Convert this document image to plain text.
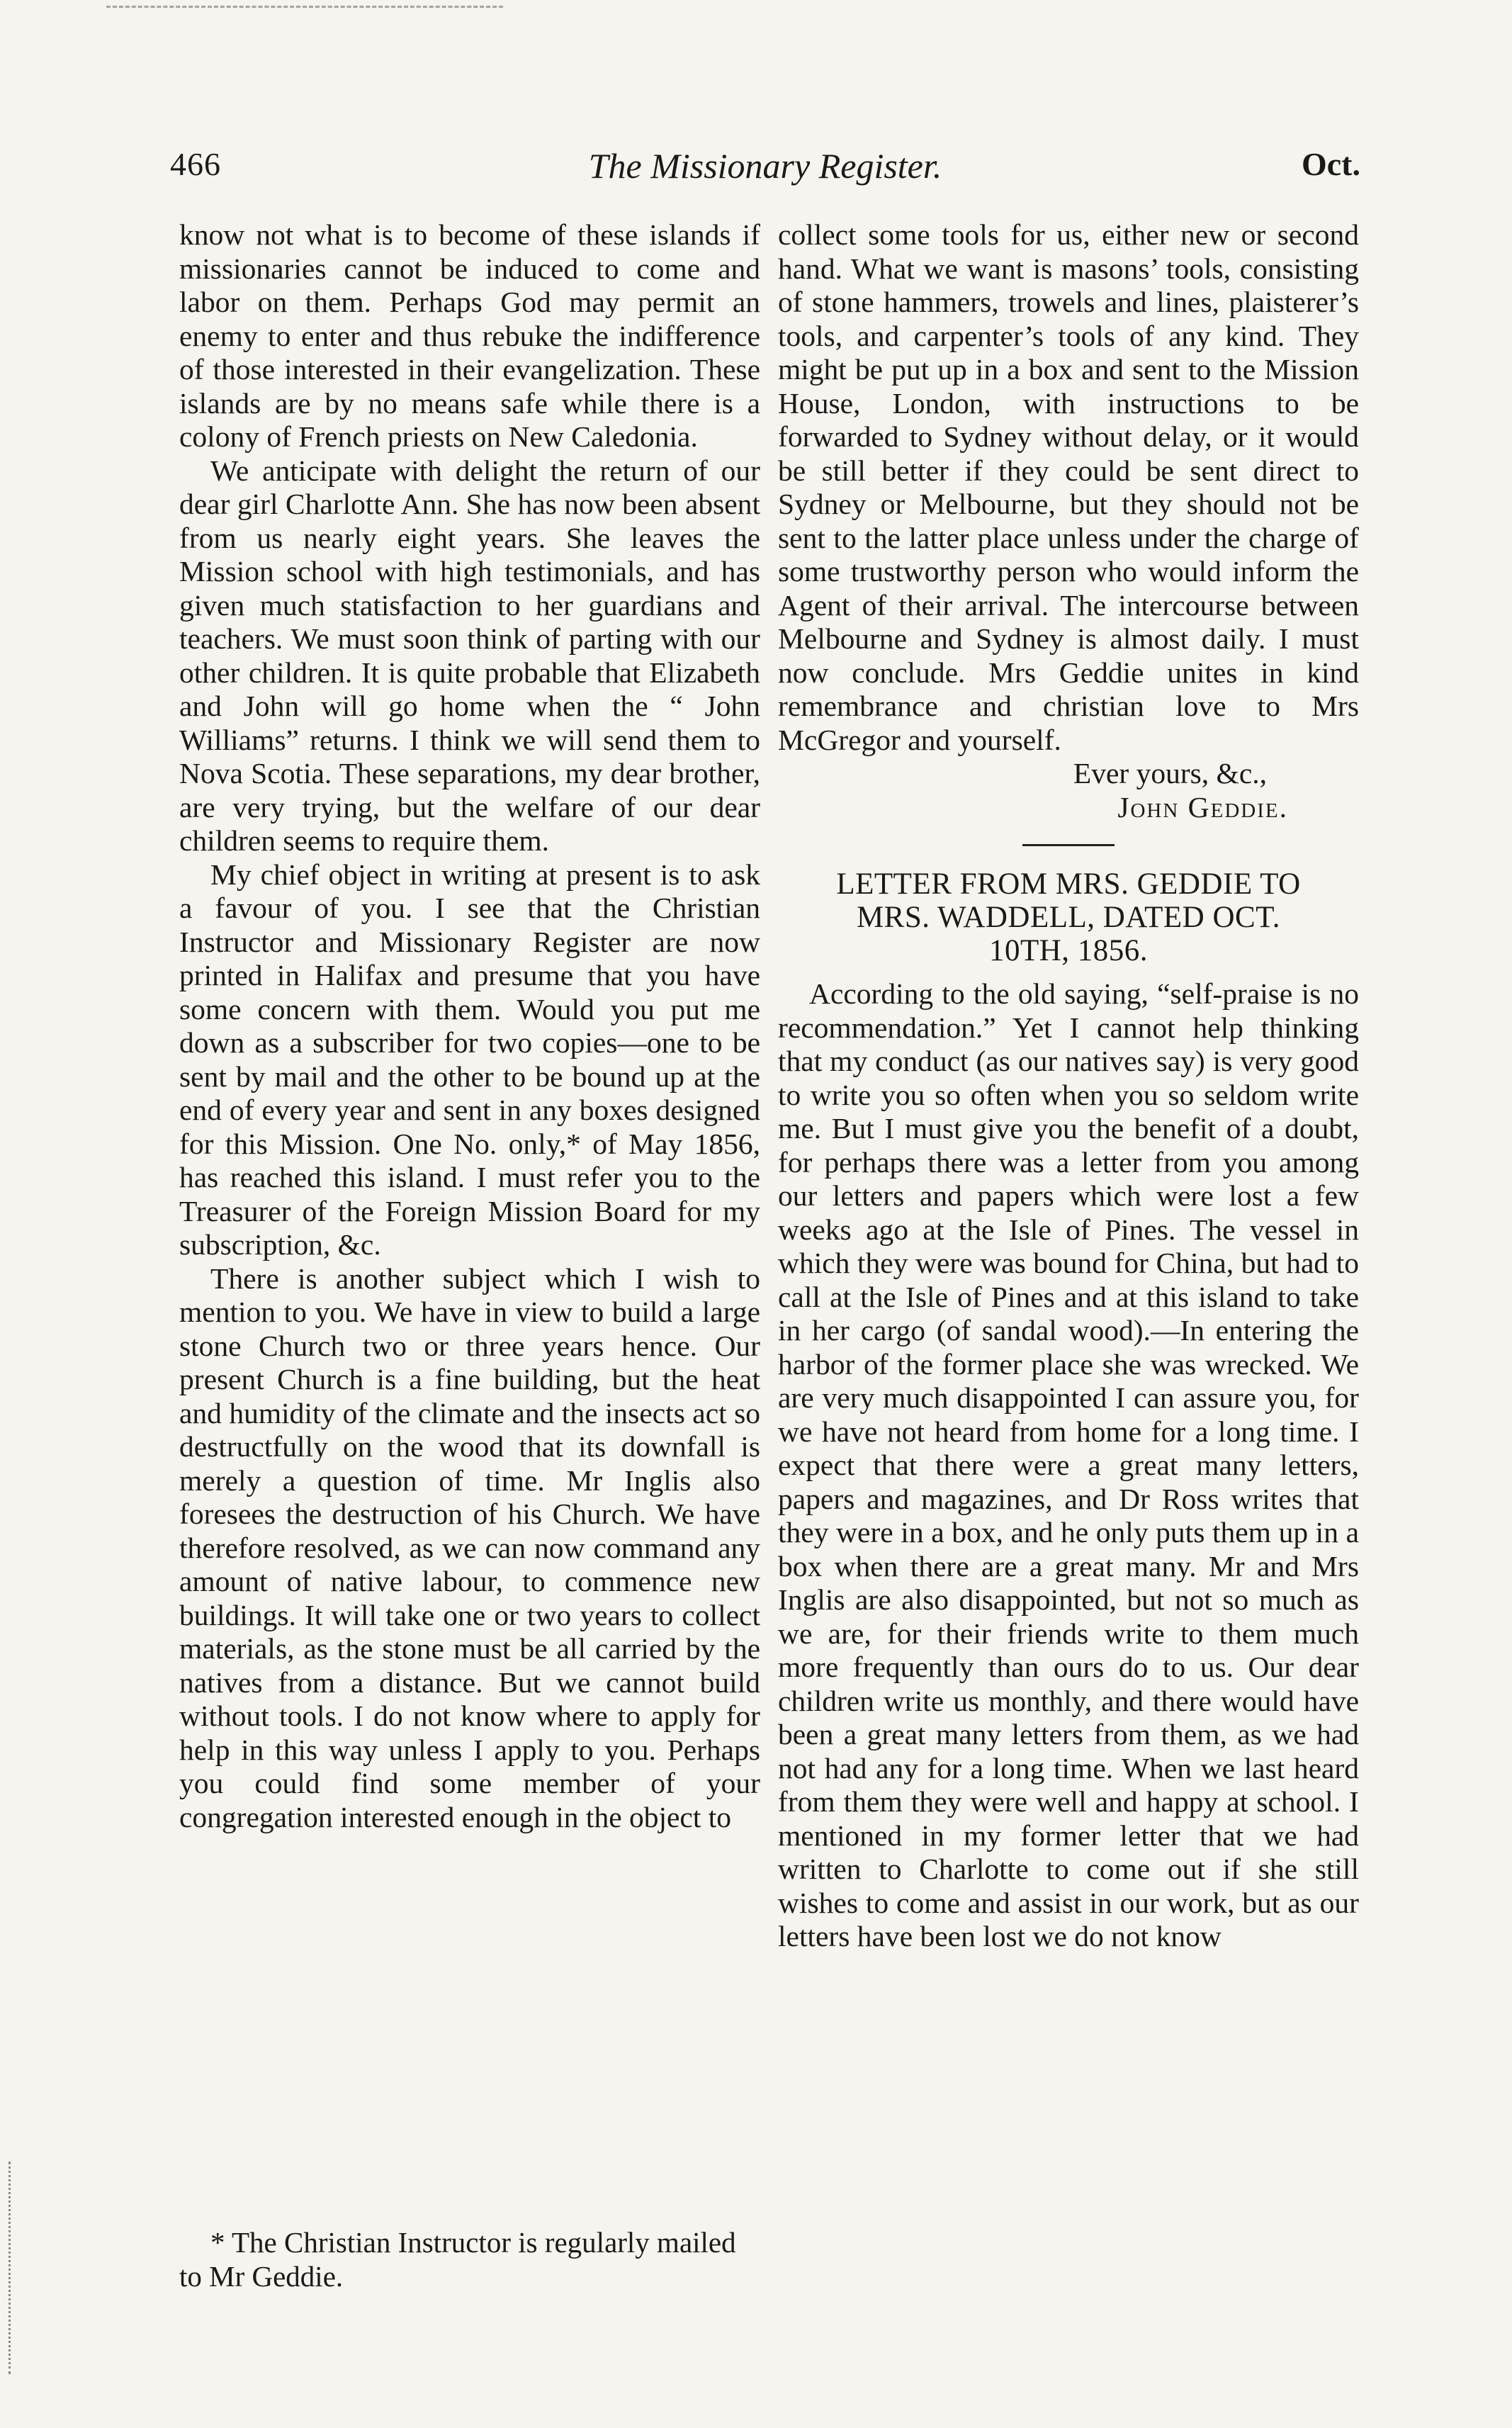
466	The Missionary Register.	Oct.

know not what is to become of these islands if missionaries cannot be induced to come and labor on them. Perhaps God may permit an enemy to enter and thus rebuke the indifference of those interested in their evangelization. These islands are by no means safe while there is a colony of French priests on New Caledonia.

We anticipate with delight the return of our dear girl Charlotte Ann. She has now been absent from us nearly eight years. She leaves the Mission school with high testimonials, and has given much statisfaction to her guardians and teachers. We must soon think of parting with our other children. It is quite probable that Elizabeth and John will go home when the “ John Williams” returns. I think we will send them to Nova Scotia. These separations, my dear brother, are very trying, but the welfare of our dear children seems to require them.

My chief object in writing at present is to ask a favour of you. I see that the Christian Instructor and Missionary Register are now printed in Halifax and presume that you have some concern with them. Would you put me down as a subscriber for two copies—one to be sent by mail and the other to be bound up at the end of every year and sent in any boxes designed for this Mission. One No. only,* of May 1856, has reached this island. I must refer you to the Treasurer of the Foreign Mission Board for my subscription, &c.

There is another subject which I wish to mention to you. We have in view to build a large stone Church two or three years hence. Our present Church is a fine building, but the heat and humidity of the climate and the insects act so destructfully on the wood that its downfall is merely a question of time. Mr Inglis also foresees the destruction of his Church. We have therefore resolved, as we can now command any amount of native labour, to commence new buildings. It will take one or two years to collect materials, as the stone must be all carried by the natives from a distance. But we cannot build without tools. I do not know where to apply for help in this way unless I apply to you. Perhaps you could find some member of your congregation interested enough in the object to

* The Christian Instructor is regularly mailed to Mr Geddie.

collect some tools for us, either new or second hand. What we want is masons’ tools, consisting of stone hammers, trowels and lines, plaisterer’s tools, and carpenter’s tools of any kind. They might be put up in a box and sent to the Mission House, London, with instructions to be forwarded to Sydney without delay, or it would be still better if they could be sent direct to Sydney or Melbourne, but they should not be sent to the latter place unless under the charge of some trustworthy person who would inform the Agent of their arrival. The intercourse between Melbourne and Sydney is almost daily. I must now conclude. Mrs Geddie unites in kind remembrance and christian love to Mrs McGregor and yourself.

Ever yours, &c.,

John Geddie.

LETTER FROM MRS. GEDDIE TO
MRS. WADDELL, DATED OCT.
10TH, 1856.

According to the old saying, “self-praise is no recommendation.” Yet I cannot help thinking that my conduct (as our natives say) is very good to write you so often when you so seldom write me. But I must give you the benefit of a doubt, for perhaps there was a letter from you among our letters and papers which were lost a few weeks ago at the Isle of Pines. The vessel in which they were was bound for China, but had to call at the Isle of Pines and at this island to take in her cargo (of sandal wood).—In entering the harbor of the former place she was wrecked. We are very much disappointed I can assure you, for we have not heard from home for a long time. I expect that there were a great many letters, papers and magazines, and Dr Ross writes that they were in a box, and he only puts them up in a box when there are a great many. Mr and Mrs Inglis are also disappointed, but not so much as we are, for their friends write to them much more frequently than ours do to us. Our dear children write us monthly, and there would have been a great many letters from them, as we had not had any for a long time. When we last heard from them they were well and happy at school. I mentioned in my former letter that we had written to Charlotte to come out if she still wishes to come and assist in our work, but as our letters have been lost we do not know
